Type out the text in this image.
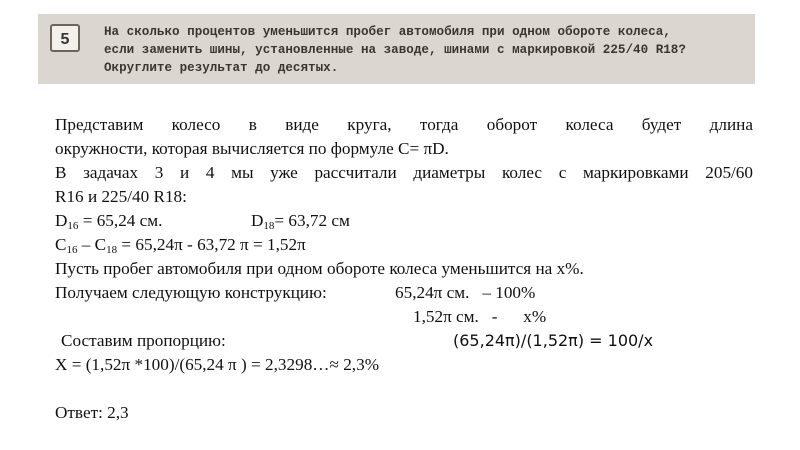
5	На сколько процентов уменьшится пробег автомобиля при одном обороте колеса,
если заменить шины, установленные на заводе, шинами с маркировкой 225/40 R18?
Округлите результат до десятых.
Представим колесо в виде круга, тогда оборот колеса будет длина
окружности, которая вычисляется по формуле C= πD.
В задачах 3 и 4 мы уже рассчитали диаметры колес с маркировками 205/60
R16 и 225/40 R18:
$D_{16} = 65,24$ см.	$D_{18}= 63,72$ см
$C_{16} - C_{18} = 65,24\pi - 63,72$ π = 1,52π
Пусть пробег автомобиля при одном обороте колеса уменьшится на x%.
Получаем следующую конструкцию:	65,24π см.   – 100%
1,52π см.   -      x%
Составим пропорцию:	(65,24π)/(1,52π) = 100/x
X = (1,52π *100)/(65,24 π ) = 2,3298…≈ 2,3%
Ответ: 2,3
